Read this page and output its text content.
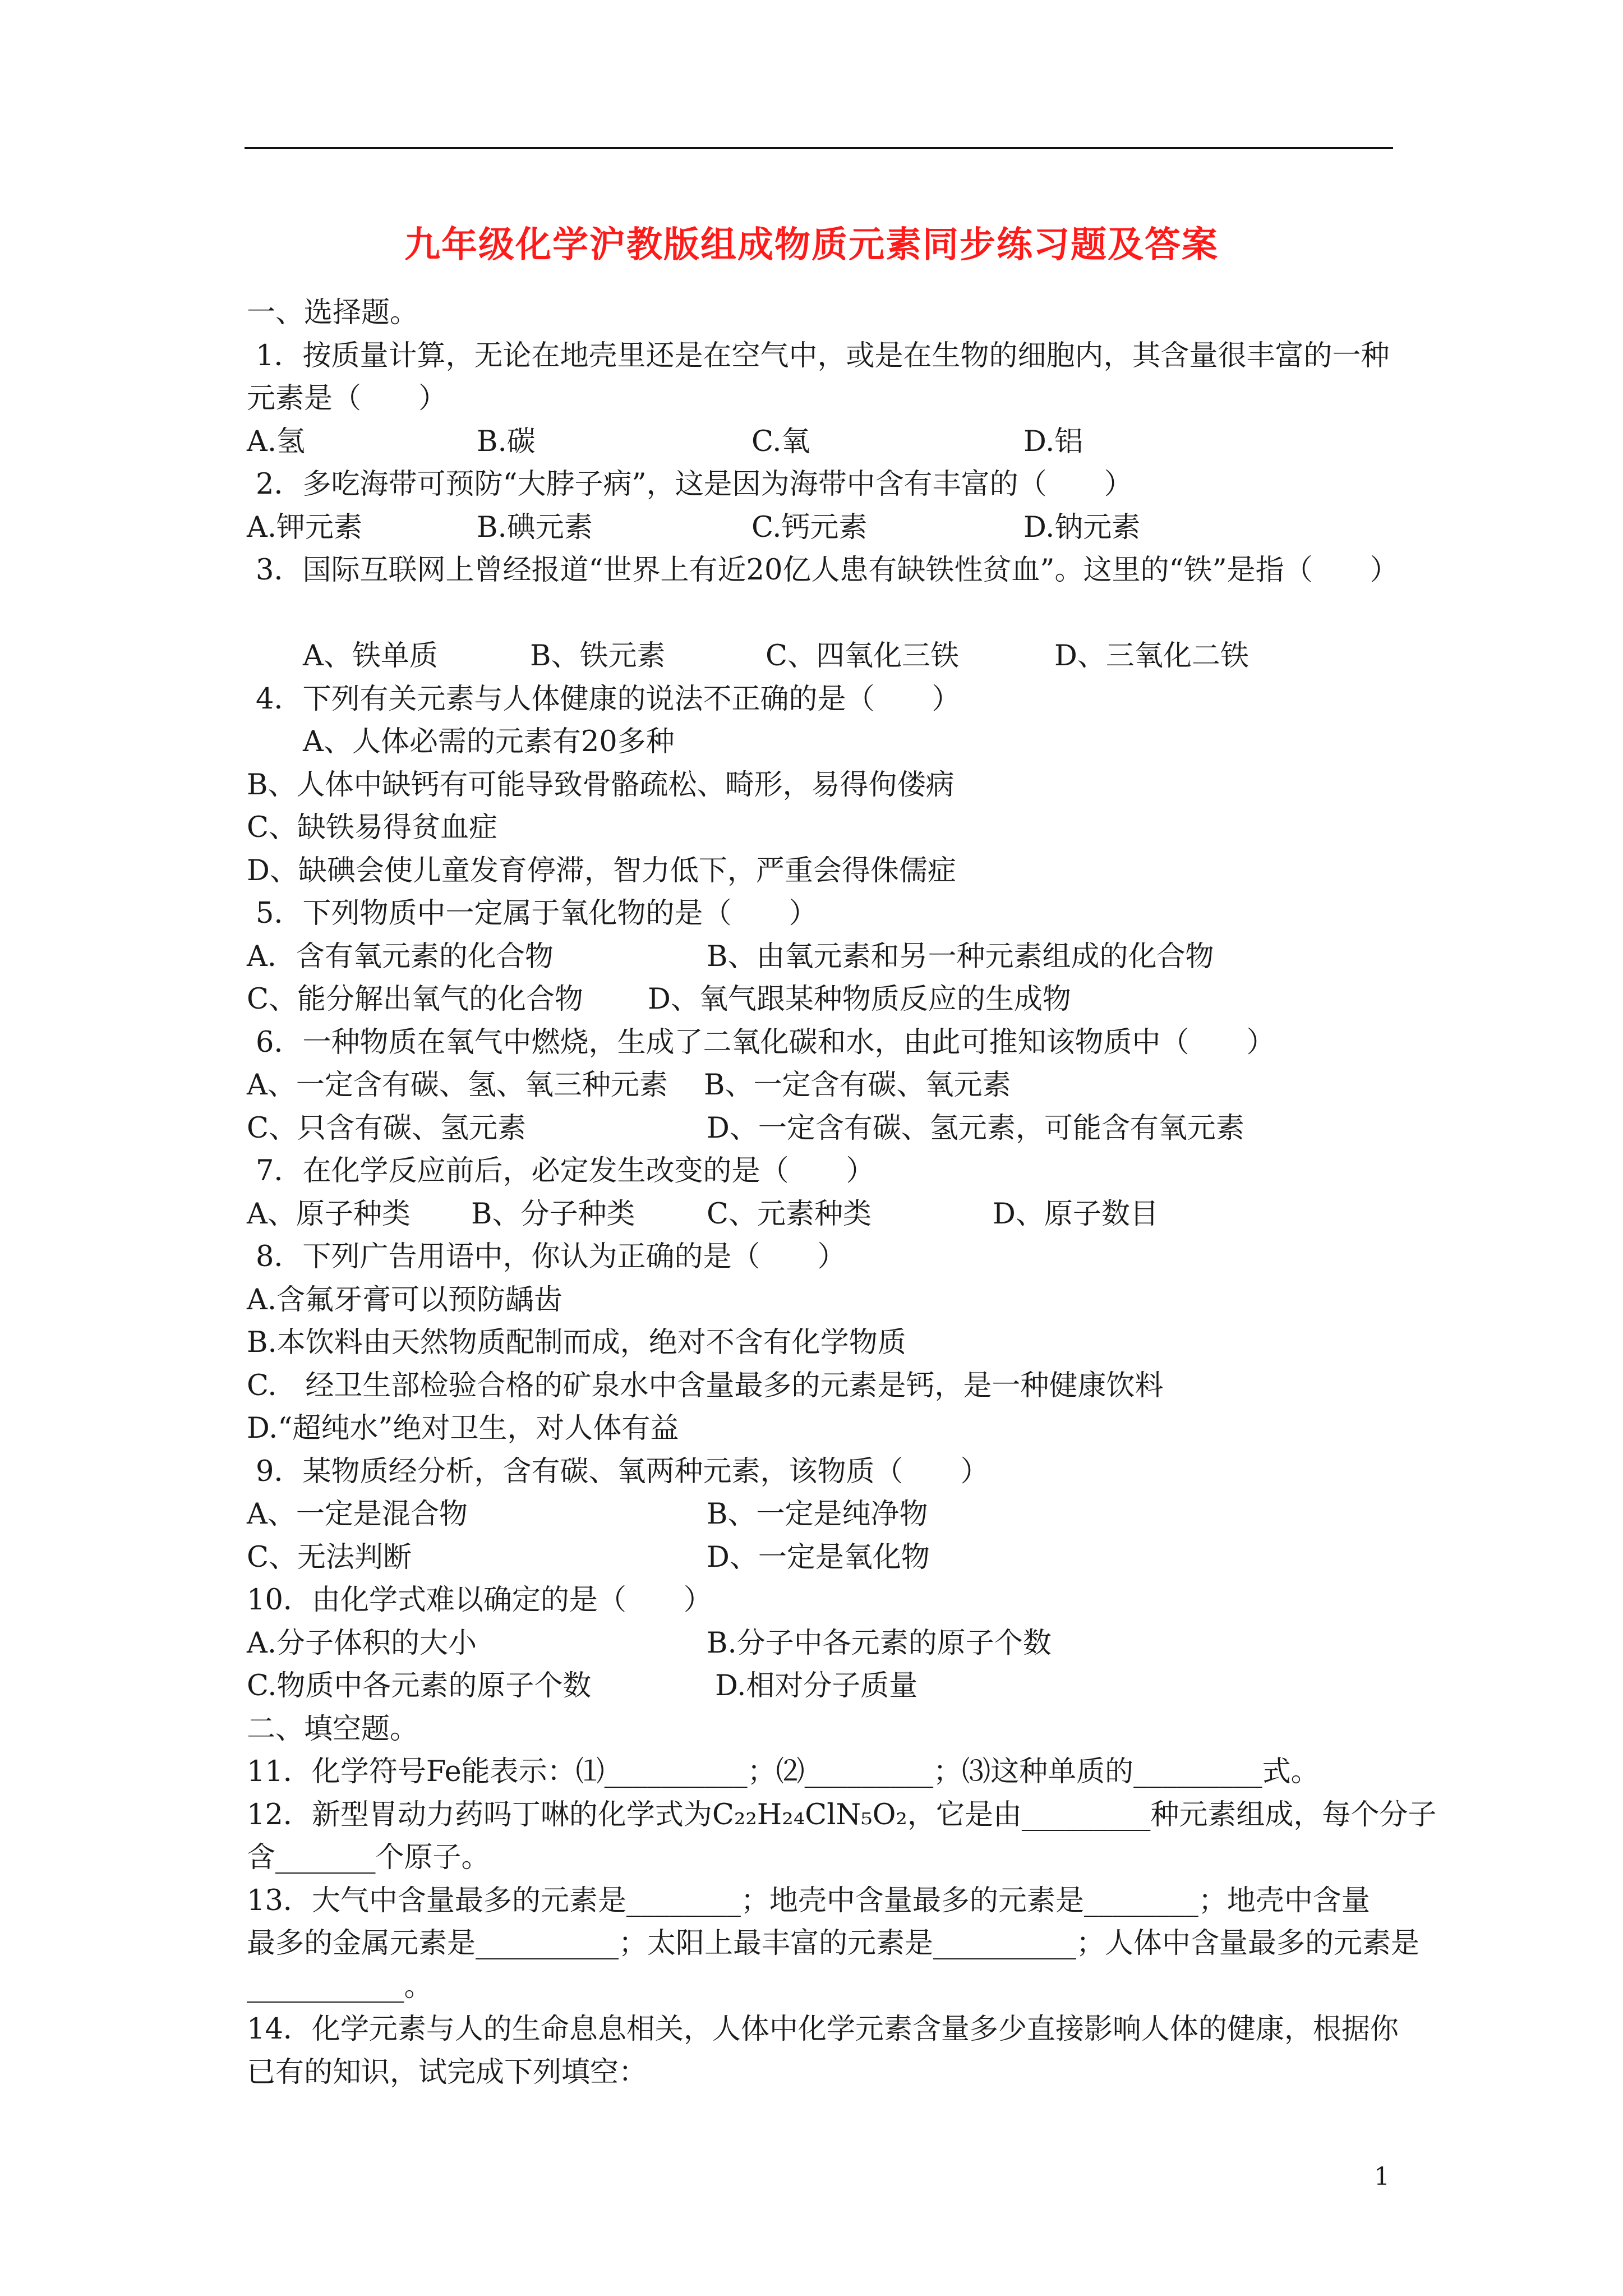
九年级化学沪教版组成物质元素同步练习题及答案
一、选择题。
1．按质量计算，无论在地壳里还是在空气中，或是在生物的细胞内，其含量很丰富的一种
元素是（　　）
A.氢	B.碳	C.氧	D.铝
2．多吃海带可预防“大脖子病”，这是因为海带中含有丰富的（　　）
A.钾元素	B.碘元素	C.钙元素	D.钠元素
3．国际互联网上曾经报道“世界上有近20亿人患有缺铁性贫血”。这里的“铁”是指（　　）
A、铁单质	B、铁元素	C、四氧化三铁	D、三氧化二铁
4．下列有关元素与人体健康的说法不正确的是（　　）
A、人体必需的元素有20多种
B、人体中缺钙有可能导致骨骼疏松、畸形，易得佝偻病
C、缺铁易得贫血症
D、缺碘会使儿童发育停滞，智力低下，严重会得侏儒症
5．下列物质中一定属于氧化物的是（　　）
A．含有氧元素的化合物	B、由氧元素和另一种元素组成的化合物
C、能分解出氧气的化合物 D、氧气跟某种物质反应的生成物
6．一种物质在氧气中燃烧，生成了二氧化碳和水，由此可推知该物质中（　　）
A、一定含有碳、氢、氧三种元素 B、一定含有碳、氧元素
C、只含有碳、氢元素	D、一定含有碳、氢元素，可能含有氧元素
7．在化学反应前后，必定发生改变的是（　　）
A、原子种类 B、分子种类	C、元素种类	D、原子数目
8．下列广告用语中，你认为正确的是（　　）
A.含氟牙膏可以预防龋齿
B.本饮料由天然物质配制而成，绝对不含有化学物质
C.　经卫生部检验合格的矿泉水中含量最多的元素是钙，是一种健康饮料
D.“超纯水”绝对卫生，对人体有益
9．某物质经分析，含有碳、氧两种元素，该物质（　　）
A、一定是混合物	B、一定是纯净物
C、无法判断	D、一定是氧化物
10．由化学式难以确定的是（　　）
A.分子体积的大小	B.分子中各元素的原子个数
C.物质中各元素的原子个数	D.相对分子质量
二、填空题。
11．化学符号Fe能表示：⑴__________；⑵_________；⑶这种单质的_________式。
12．新型胃动力药吗丁啉的化学式为C₂₂H₂₄ClN₅O₂，它是由_________种元素组成，每个分子
含_______个原子。
13．大气中含量最多的元素是________；地壳中含量最多的元素是________；地壳中含量
最多的金属元素是__________；太阳上最丰富的元素是__________；人体中含量最多的元素是
___________。
14．化学元素与人的生命息息相关，人体中化学元素含量多少直接影响人体的健康，根据你
已有的知识，试完成下列填空：
1
